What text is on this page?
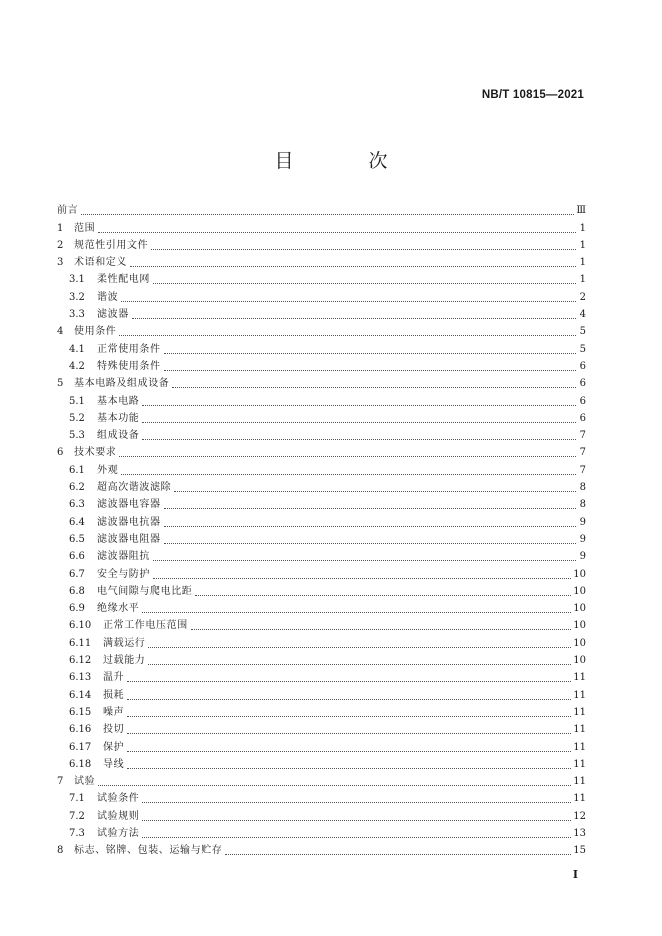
NB/T 10815—2021
目　次
前言	Ⅲ
1	范围	1
2	规范性引用文件	1
3	术语和定义	1
3.1	柔性配电网	1
3.2	谐波	2
3.3	滤波器	4
4	使用条件	5
4.1	正常使用条件	5
4.2	特殊使用条件	6
5	基本电路及组成设备	6
5.1	基本电路	6
5.2	基本功能	6
5.3	组成设备	7
6	技术要求	7
6.1	外观	7
6.2	超高次谐波滤除	8
6.3	滤波器电容器	8
6.4	滤波器电抗器	9
6.5	滤波器电阻器	9
6.6	滤波器阻抗	9
6.7	安全与防护	10
6.8	电气间隙与爬电比距	10
6.9	绝缘水平	10
6.10	正常工作电压范围	10
6.11	满载运行	10
6.12	过载能力	10
6.13	温升	11
6.14	损耗	11
6.15	噪声	11
6.16	投切	11
6.17	保护	11
6.18	导线	11
7	试验	11
7.1	试验条件	11
7.2	试验规则	12
7.3	试验方法	13
8	标志、铭牌、包装、运输与贮存	15
I
